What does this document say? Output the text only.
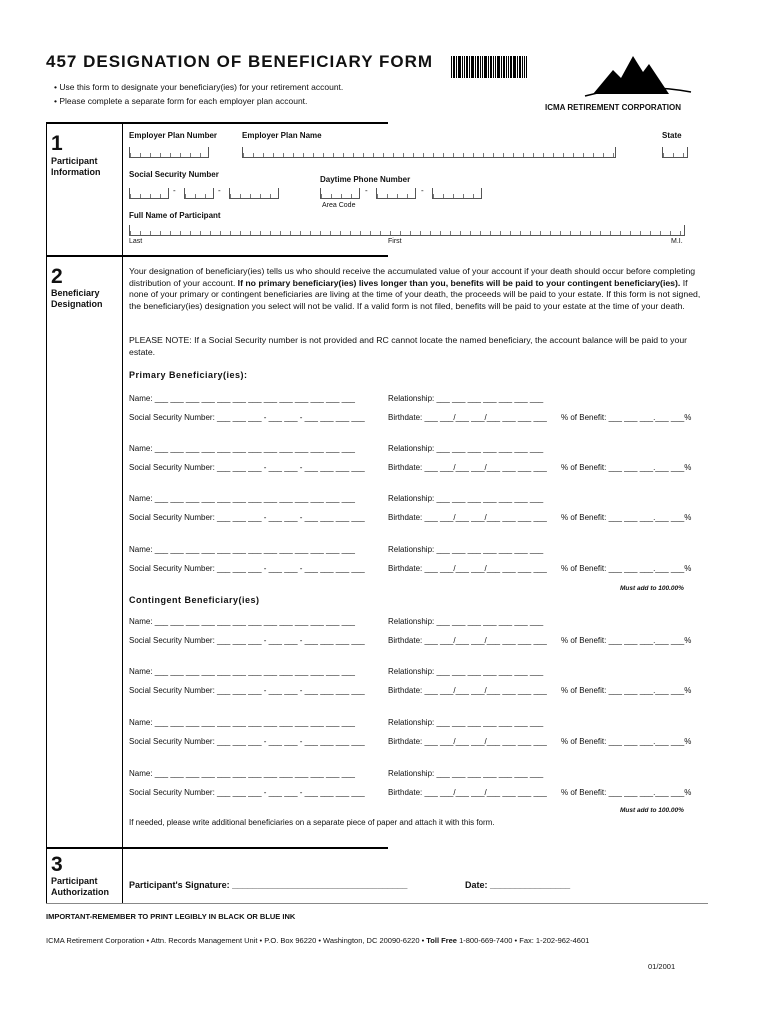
457 DESIGNATION OF BENEFICIARY FORM
• Use this form to designate your beneficiary(ies) for your retirement account.
• Please complete a separate form for each employer plan account.
ICMA RETIREMENT CORPORATION
1
Participant
Information
Employer Plan Number	Employer Plan Name	State
Social Security Number
Daytime Phone Number
-	-	-	-
Area Code
Full Name of Participant
Last	First	M.I.
2
Beneficiary
Designation
Your designation of beneficiary(ies) tells us who should receive the accumulated value of your account if your death should occur before completing distribution of your account. If no primary beneficiary(ies) lives longer than you, benefits will be paid to your contingent beneficiary(ies). If none of your primary or contingent beneficiaries are living at the time of your death, the proceeds will be paid to your estate. If this form is not signed, the beneficiary(ies) designation you select will not be valid. If a valid form is not filed, benefits will be paid to your estate at the time of your death.
PLEASE NOTE: If a Social Security number is not provided and RC cannot locate the named beneficiary, the account balance will be paid to your estate.
Primary Beneficiary(ies):
Name: ___ ___ ___ ___ ___ ___ ___ ___ ___ ___ ___ ___ ___	Relationship: ___ ___ ___ ___ ___ ___ ___
Social Security Number: ___ ___ ___ - ___ ___ - ___ ___ ___ ___	Birthdate: ___ ___/___ ___/___ ___ ___ ___ % of Benefit: ___ ___ ___.___ ___%
Name: ___ ___ ___ ___ ___ ___ ___ ___ ___ ___ ___ ___ ___	Relationship: ___ ___ ___ ___ ___ ___ ___
Social Security Number: ___ ___ ___ - ___ ___ - ___ ___ ___ ___	Birthdate: ___ ___/___ ___/___ ___ ___ ___ % of Benefit: ___ ___ ___.___ ___%
Name: ___ ___ ___ ___ ___ ___ ___ ___ ___ ___ ___ ___ ___	Relationship: ___ ___ ___ ___ ___ ___ ___
Social Security Number: ___ ___ ___ - ___ ___ - ___ ___ ___ ___	Birthdate: ___ ___/___ ___/___ ___ ___ ___ % of Benefit: ___ ___ ___.___ ___%
Name: ___ ___ ___ ___ ___ ___ ___ ___ ___ ___ ___ ___ ___	Relationship: ___ ___ ___ ___ ___ ___ ___
Social Security Number: ___ ___ ___ - ___ ___ - ___ ___ ___ ___	Birthdate: ___ ___/___ ___/___ ___ ___ ___ % of Benefit: ___ ___ ___.___ ___%
Must add to 100.00%
Contingent Beneficiary(ies)
Name: ___ ___ ___ ___ ___ ___ ___ ___ ___ ___ ___ ___ ___	Relationship: ___ ___ ___ ___ ___ ___ ___
Social Security Number: ___ ___ ___ - ___ ___ - ___ ___ ___ ___	Birthdate: ___ ___/___ ___/___ ___ ___ ___ % of Benefit: ___ ___ ___.___ ___%
Name: ___ ___ ___ ___ ___ ___ ___ ___ ___ ___ ___ ___ ___	Relationship: ___ ___ ___ ___ ___ ___ ___
Social Security Number: ___ ___ ___ - ___ ___ - ___ ___ ___ ___	Birthdate: ___ ___/___ ___/___ ___ ___ ___ % of Benefit: ___ ___ ___.___ ___%
Name: ___ ___ ___ ___ ___ ___ ___ ___ ___ ___ ___ ___ ___	Relationship: ___ ___ ___ ___ ___ ___ ___
Social Security Number: ___ ___ ___ - ___ ___ - ___ ___ ___ ___	Birthdate: ___ ___/___ ___/___ ___ ___ ___ % of Benefit: ___ ___ ___.___ ___%
Name: ___ ___ ___ ___ ___ ___ ___ ___ ___ ___ ___ ___ ___	Relationship: ___ ___ ___ ___ ___ ___ ___
Social Security Number: ___ ___ ___ - ___ ___ - ___ ___ ___ ___	Birthdate: ___ ___/___ ___/___ ___ ___ ___ % of Benefit: ___ ___ ___.___ ___%
Must add to 100.00%
If needed, please write additional beneficiaries on a separate piece of paper and attach it with this form.
3
Participant
Authorization
Participant's Signature: ___________________________________	Date: ________________
IMPORTANT-REMEMBER TO PRINT LEGIBLY IN BLACK OR BLUE INK
ICMA Retirement Corporation • Attn. Records Management Unit • P.O. Box 96220 • Washington, DC 20090-6220 • Toll Free 1-800-669-7400 • Fax: 1-202-962-4601
01/2001
